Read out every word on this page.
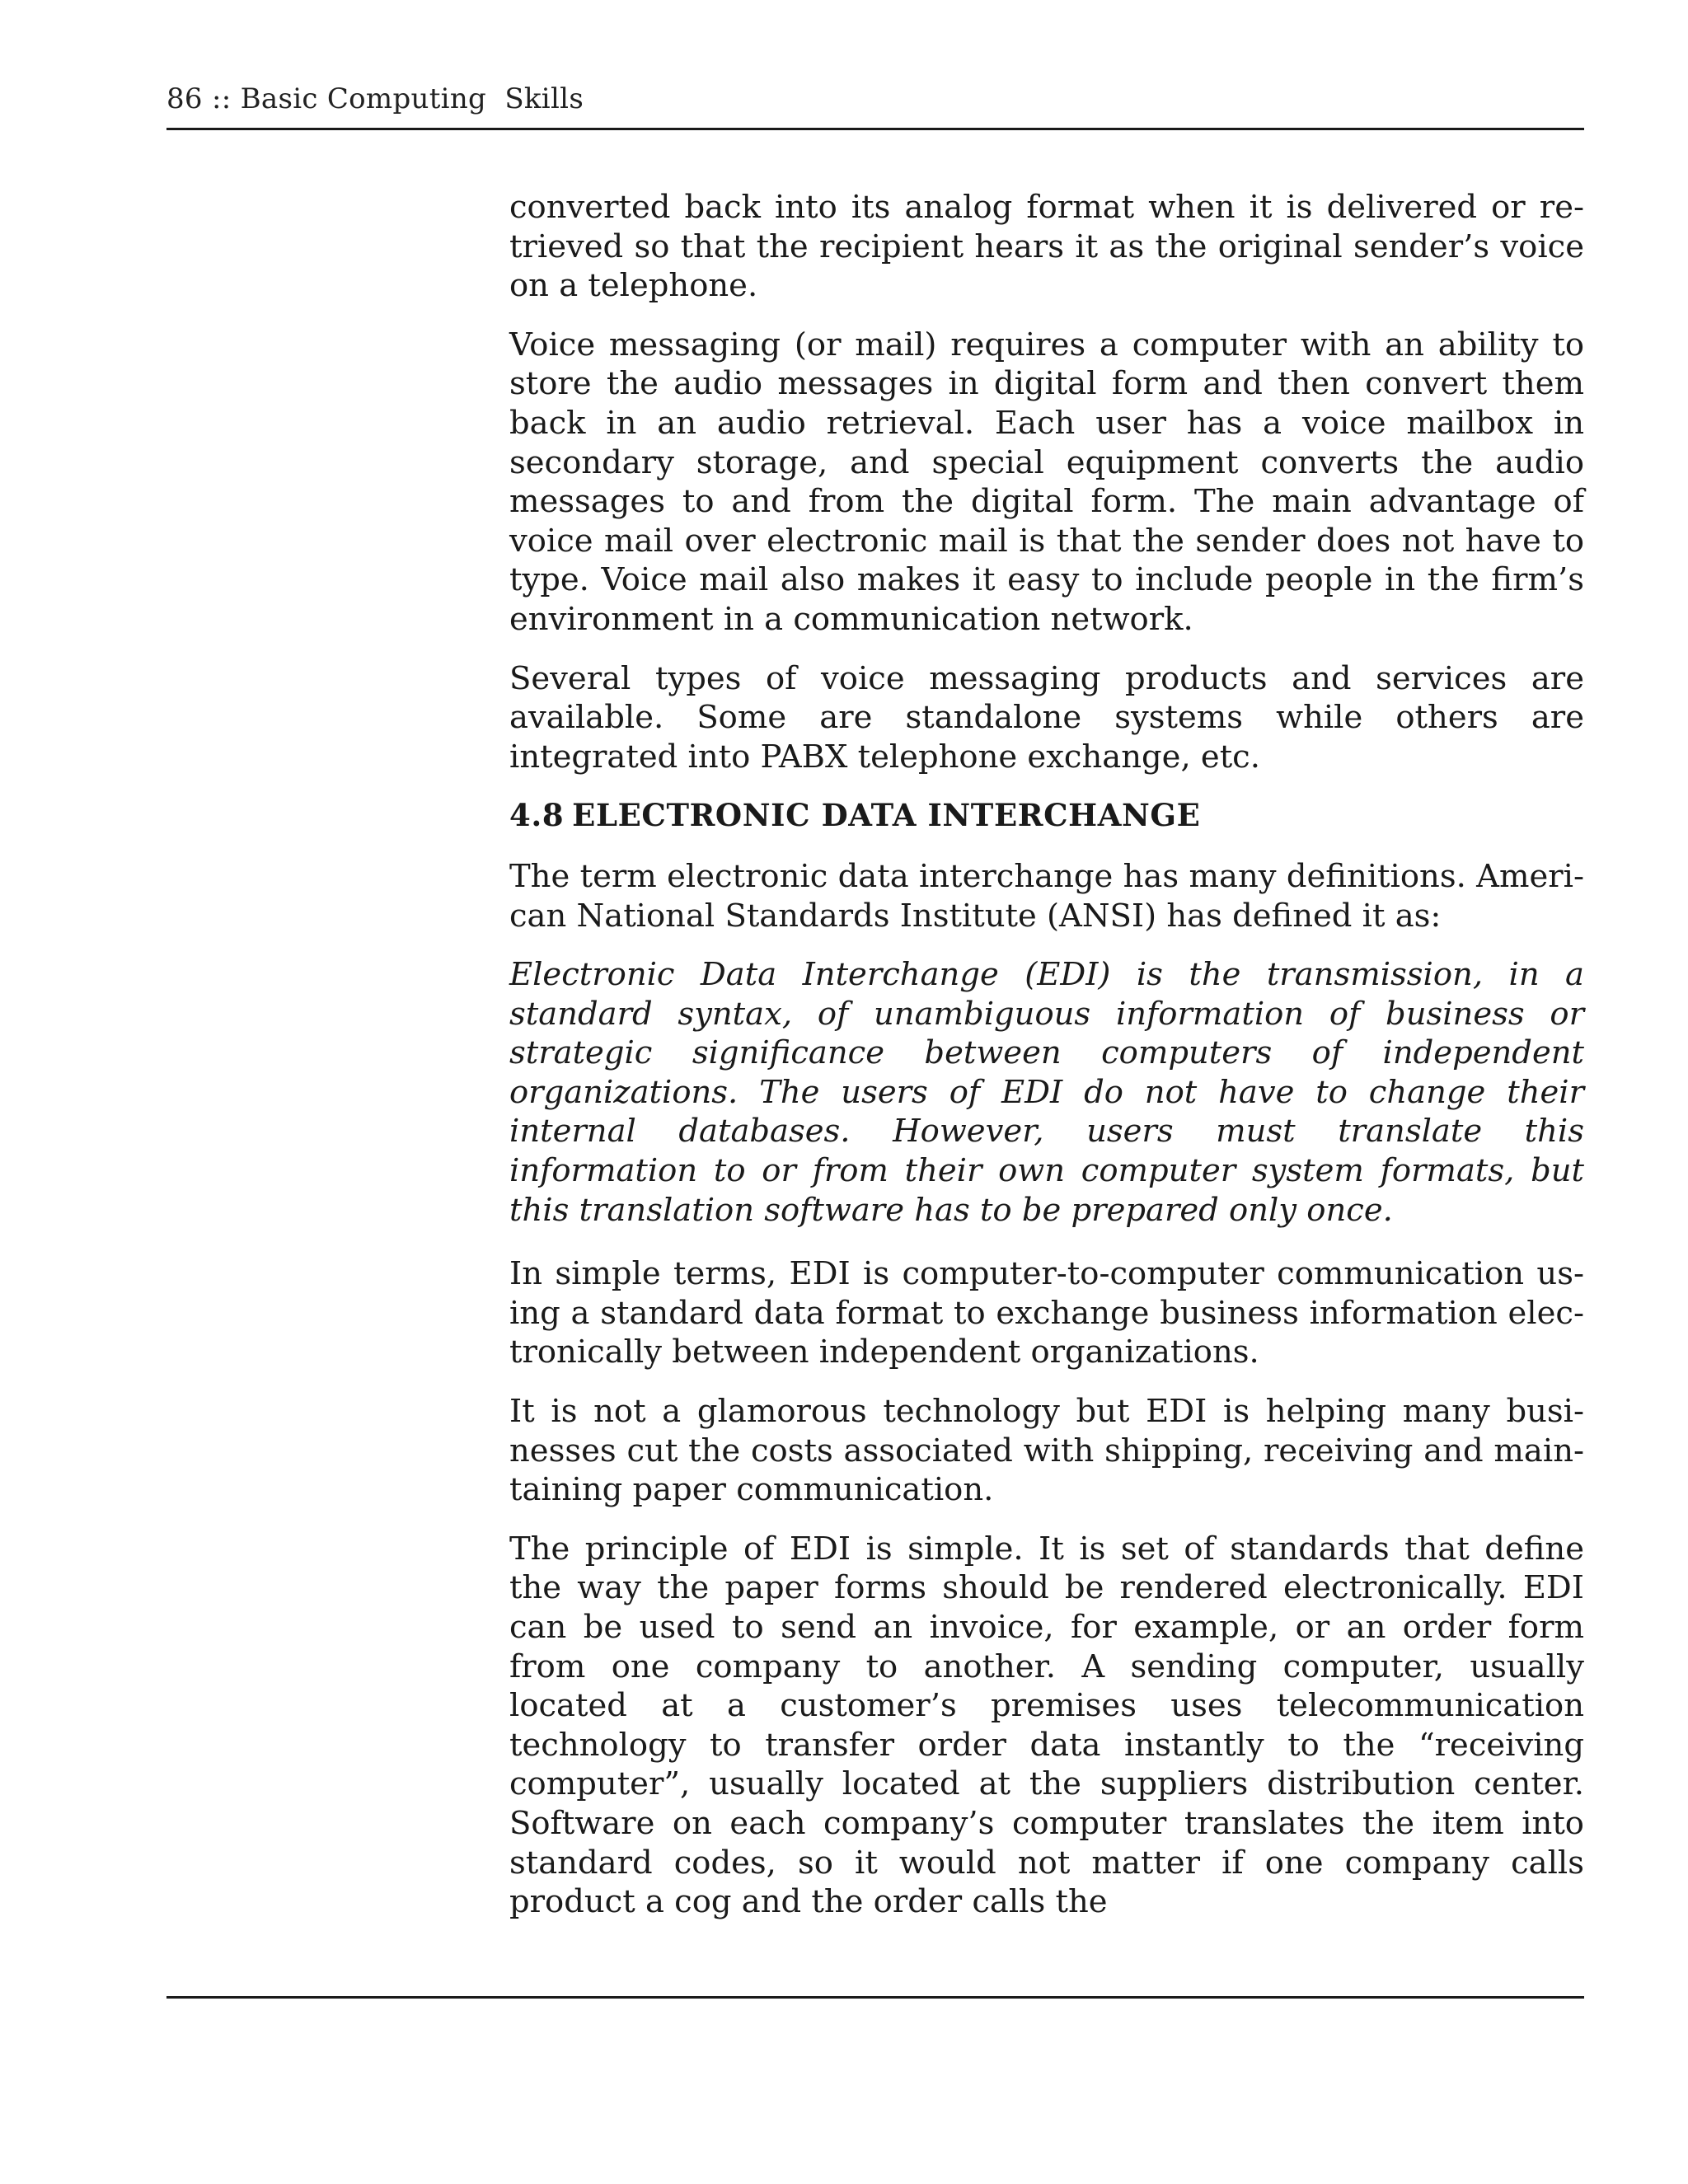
86 :: Basic Computing  Skills

converted back into its analog format when it is delivered or retrieved so that the recipient hears it as the original sender’s voice on a telephone.

Voice messaging (or mail) requires a computer with an ability to store the audio messages in digital form and then convert them back in an audio retrieval. Each user has a voice mailbox in secondary storage, and special equipment converts the audio messages to and from the digital form. The main advantage of voice mail over electronic mail is that the sender does not have to type. Voice mail also makes it easy to include people in the firm’s environment in a communication network.

Several types of voice messaging products and services are available. Some are standalone systems while others are integrated into PABX telephone exchange, etc.

4.8 ELECTRONIC DATA INTERCHANGE

The term electronic data interchange has many definitions. American National Standards Institute (ANSI) has defined it as:

Electronic Data Interchange (EDI) is the transmission, in a standard syntax, of unambiguous information of business or strategic significance between computers of independent organizations. The users of EDI do not have to change their internal databases. However, users must translate this information to or from their own computer system formats, but this translation software has to be prepared only once.

In simple terms, EDI is computer-to-computer communication using a standard data format to exchange business information electronically between independent organizations.

It is not a glamorous technology but EDI is helping many businesses cut the costs associated with shipping, receiving and maintaining paper communication.

The principle of EDI is simple. It is set of standards that define the way the paper forms should be rendered electronically. EDI can be used to send an invoice, for example, or an order form from one company to another. A sending computer, usually located at a customer’s premises uses telecommunication technology to transfer order data instantly to the “receiving computer”, usually located at the suppliers distribution center. Software on each company’s computer translates the item into standard codes, so it would not matter if one company calls product a cog and the order calls the
